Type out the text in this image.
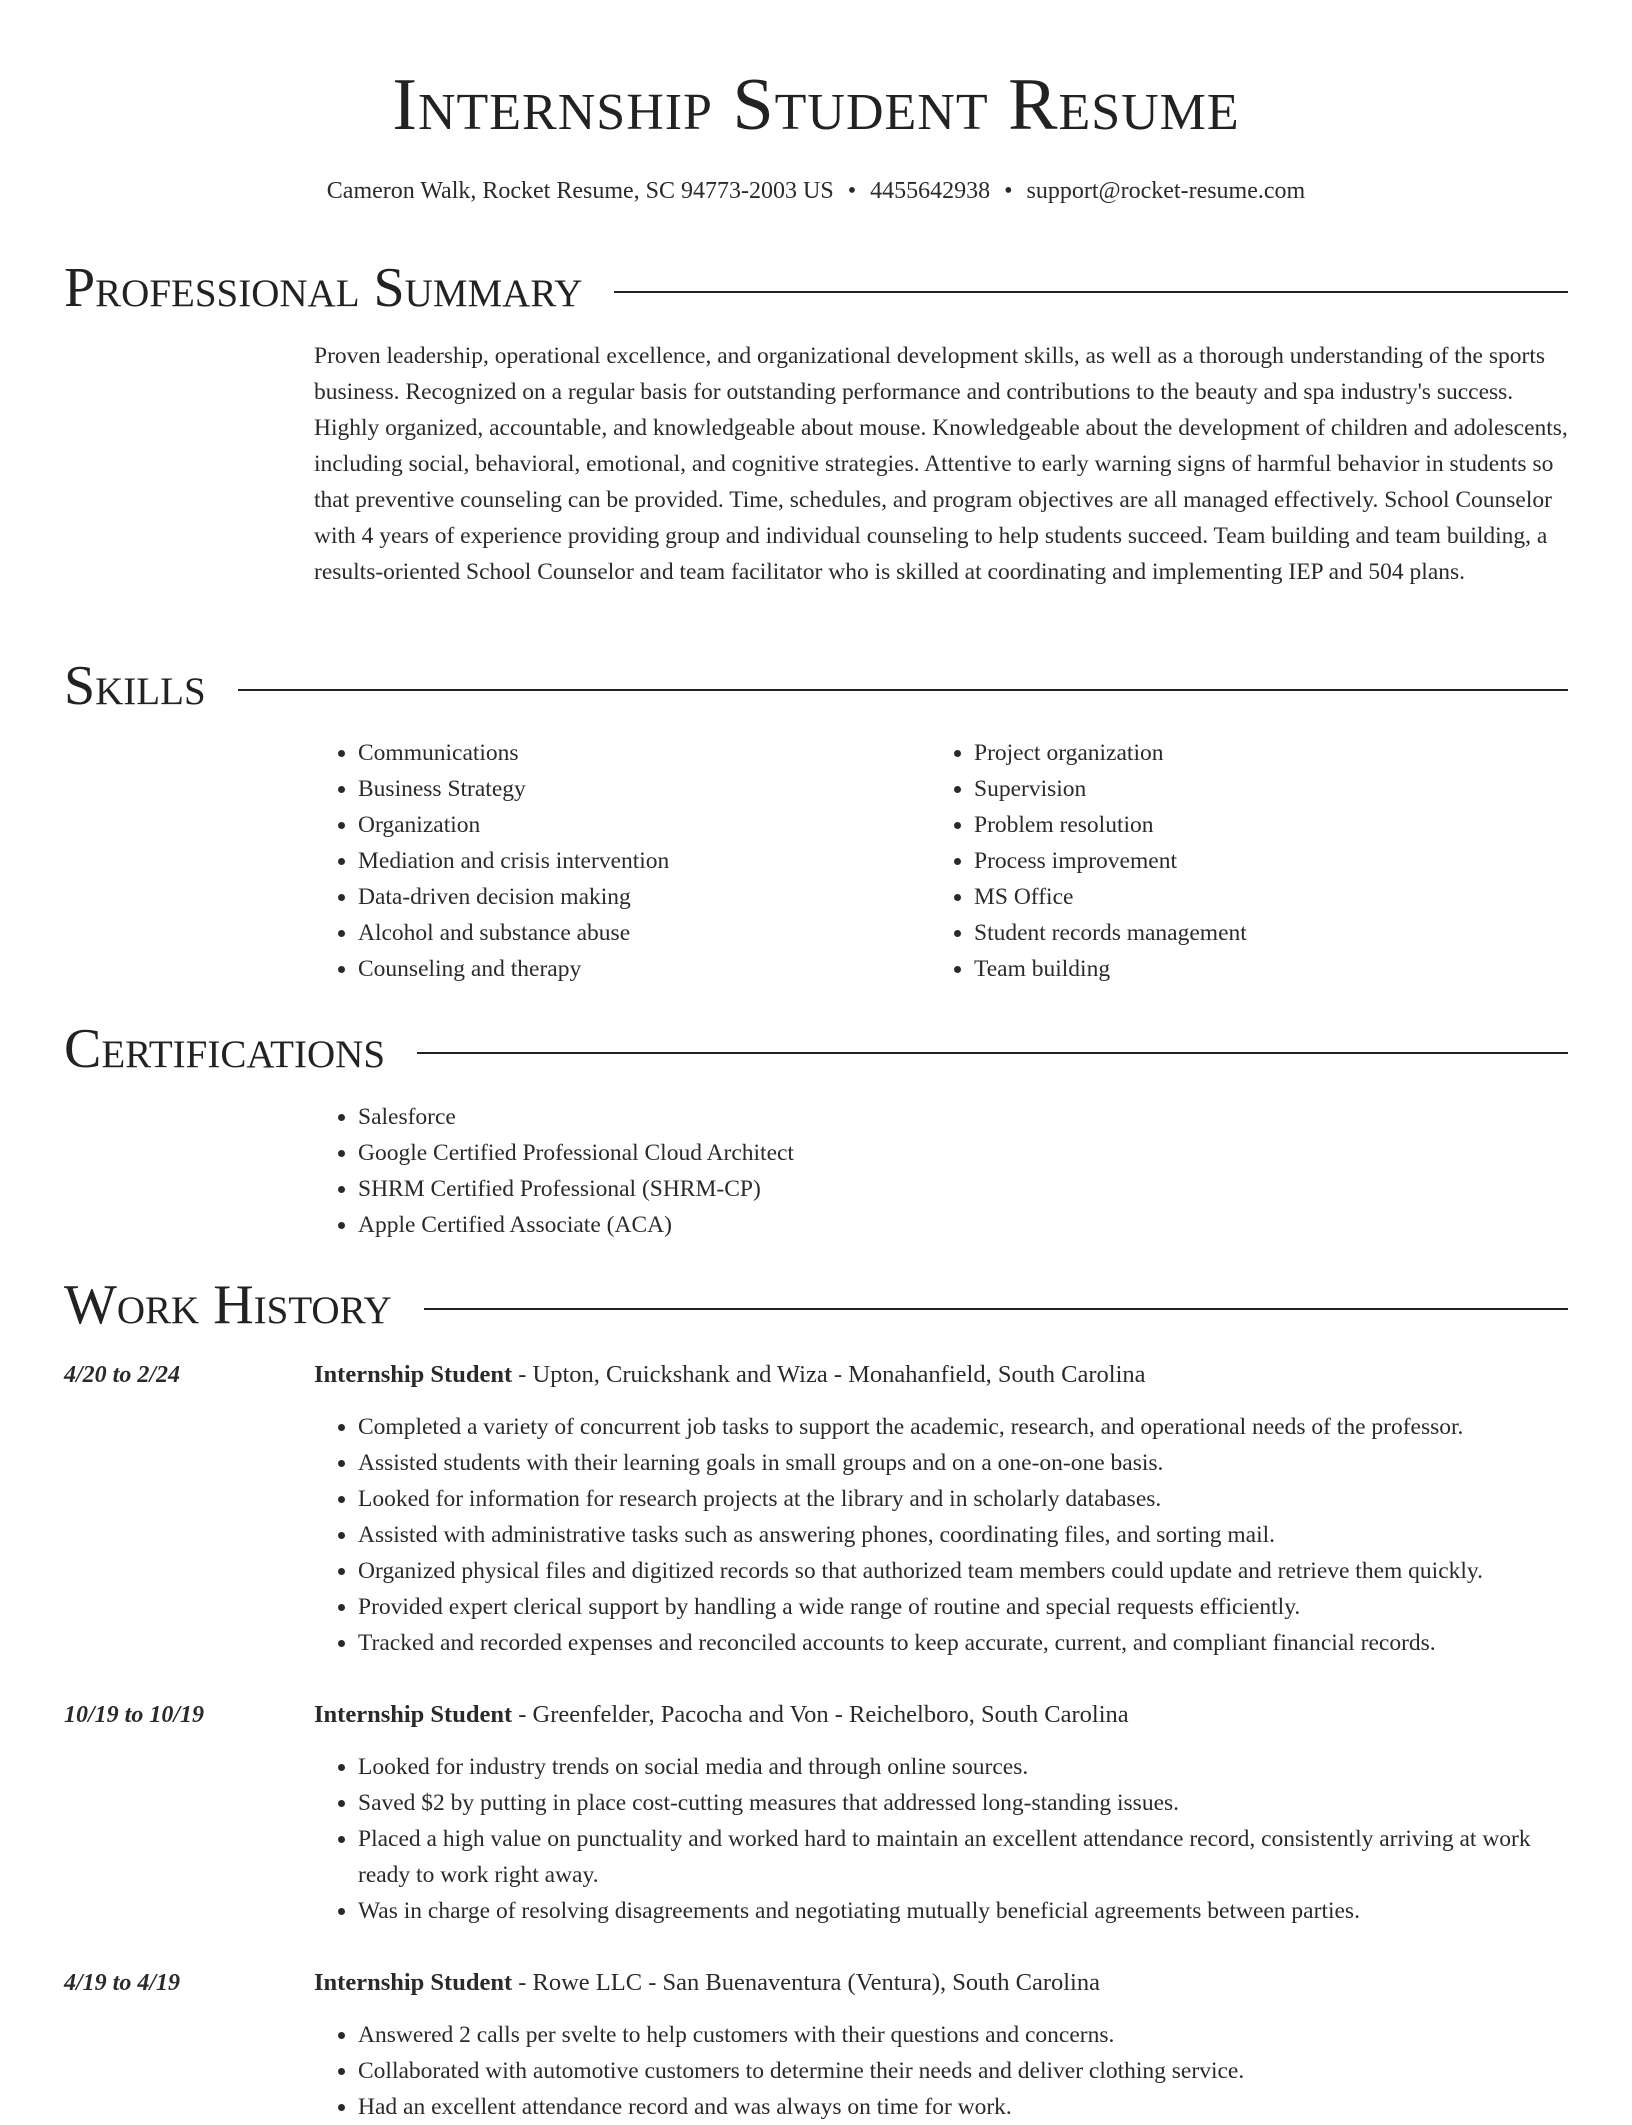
Internship Student Resume
Cameron Walk, Rocket Resume, SC 94773-2003 US • 4455642938 • support@rocket-resume.com
Professional Summary

Proven leadership, operational excellence, and organizational development skills, as well as a thorough understanding of the sports business. Recognized on a regular basis for outstanding performance and contributions to the beauty and spa industry's success. Highly organized, accountable, and knowledgeable about mouse. Knowledgeable about the development of children and adolescents, including social, behavioral, emotional, and cognitive strategies. Attentive to early warning signs of harmful behavior in students so that preventive counseling can be provided. Time, schedules, and program objectives are all managed effectively. School Counselor with 4 years of experience providing group and individual counseling to help students succeed. Team building and team building, a results-oriented School Counselor and team facilitator who is skilled at coordinating and implementing IEP and 504 plans.

Skills
• Communications
• Business Strategy
• Organization
• Mediation and crisis intervention
• Data-driven decision making
• Alcohol and substance abuse
• Counseling and therapy
• Project organization
• Supervision
• Problem resolution
• Process improvement
• MS Office
• Student records management
• Team building
Certifications
• Salesforce
• Google Certified Professional Cloud Architect
• SHRM Certified Professional (SHRM-CP)
• Apple Certified Associate (ACA)
Work History
4/20 to 2/24	Internship Student - Upton, Cruickshank and Wiza - Monahanfield, South Carolina
• Completed a variety of concurrent job tasks to support the academic, research, and operational needs of the professor.
• Assisted students with their learning goals in small groups and on a one-on-one basis.
• Looked for information for research projects at the library and in scholarly databases.
• Assisted with administrative tasks such as answering phones, coordinating files, and sorting mail.
• Organized physical files and digitized records so that authorized team members could update and retrieve them quickly.
• Provided expert clerical support by handling a wide range of routine and special requests efficiently.
• Tracked and recorded expenses and reconciled accounts to keep accurate, current, and compliant financial records.
10/19 to 10/19	Internship Student - Greenfelder, Pacocha and Von - Reichelboro, South Carolina
• Looked for industry trends on social media and through online sources.
• Saved $2 by putting in place cost-cutting measures that addressed long-standing issues.
• Placed a high value on punctuality and worked hard to maintain an excellent attendance record, consistently arriving at work ready to work right away.
• Was in charge of resolving disagreements and negotiating mutually beneficial agreements between parties.
4/19 to 4/19	Internship Student - Rowe LLC - San Buenaventura (Ventura), South Carolina
• Answered 2 calls per svelte to help customers with their questions and concerns.
• Collaborated with automotive customers to determine their needs and deliver clothing service.
• Had an excellent attendance record and was always on time for work.
